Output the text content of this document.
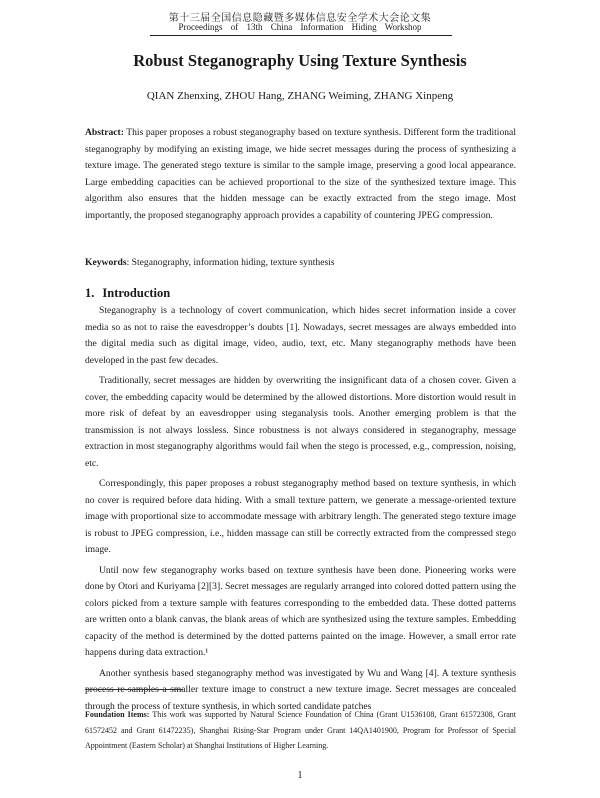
第十三届全国信息隐藏暨多媒体信息安全学术大会论文集
Proceedings of 13th China Information Hiding Workshop
Robust Steganography Using Texture Synthesis
QIAN Zhenxing, ZHOU Hang, ZHANG Weiming, ZHANG Xinpeng

Abstract: This paper proposes a robust steganography based on texture synthesis. Different form the traditional steganography by modifying an existing image, we hide secret messages during the process of synthesizing a texture image. The generated stego texture is similar to the sample image, preserving a good local appearance. Large embedding capacities can be achieved proportional to the size of the synthesized texture image. This algorithm also ensures that the hidden message can be exactly extracted from the stego image. Most importantly, the proposed steganography approach provides a capability of countering JPEG compression.

Keywords: Steganography, information hiding, texture synthesis

1. Introduction

Steganography is a technology of covert communication, which hides secret information inside a cover media so as not to raise the eavesdropper’s doubts [1]. Nowadays, secret messages are always embedded into the digital media such as digital image, video, audio, text, etc. Many steganography methods have been developed in the past few decades.

Traditionally, secret messages are hidden by overwriting the insignificant data of a chosen cover. Given a cover, the embedding capacity would be determined by the allowed distortions. More distortion would result in more risk of defeat by an eavesdropper using steganalysis tools. Another emerging problem is that the transmission is not always lossless. Since robustness is not always considered in steganography, message extraction in most steganography algorithms would fail when the stego is processed, e.g., compression, noising, etc.

Correspondingly, this paper proposes a robust steganography method based on texture synthesis, in which no cover is required before data hiding. With a small texture pattern, we generate a message-oriented texture image with proportional size to accommodate message with arbitrary length. The generated stego texture image is robust to JPEG compression, i.e., hidden massage can still be correctly extracted from the compressed stego image.

Until now few steganography works based on texture synthesis have been done. Pioneering works were done by Otori and Kuriyama [2][3]. Secret messages are regularly arranged into colored dotted pattern using the colors picked from a texture sample with features corresponding to the embedded data. These dotted patterns are written onto a blank canvas, the blank areas of which are synthesized using the texture samples. Embedding capacity of the method is determined by the dotted patterns painted on the image. However, a small error rate happens during data extraction.¹

Another synthesis based steganography method was investigated by Wu and Wang [4]. A texture synthesis process re-samples a smaller texture image to construct a new texture image. Secret messages are concealed through the process of texture synthesis, in which sorted candidate patches

Foundation Items: This work was supported by Natural Science Foundation of China (Grant U1536108, Grant 61572308, Grant 61572452 and Grant 61472235), Shanghai Rising-Star Program under Grant 14QA1401900, Program for Professor of Special Appointment (Eastern Scholar) at Shanghai Institutions of Higher Learning.

1
